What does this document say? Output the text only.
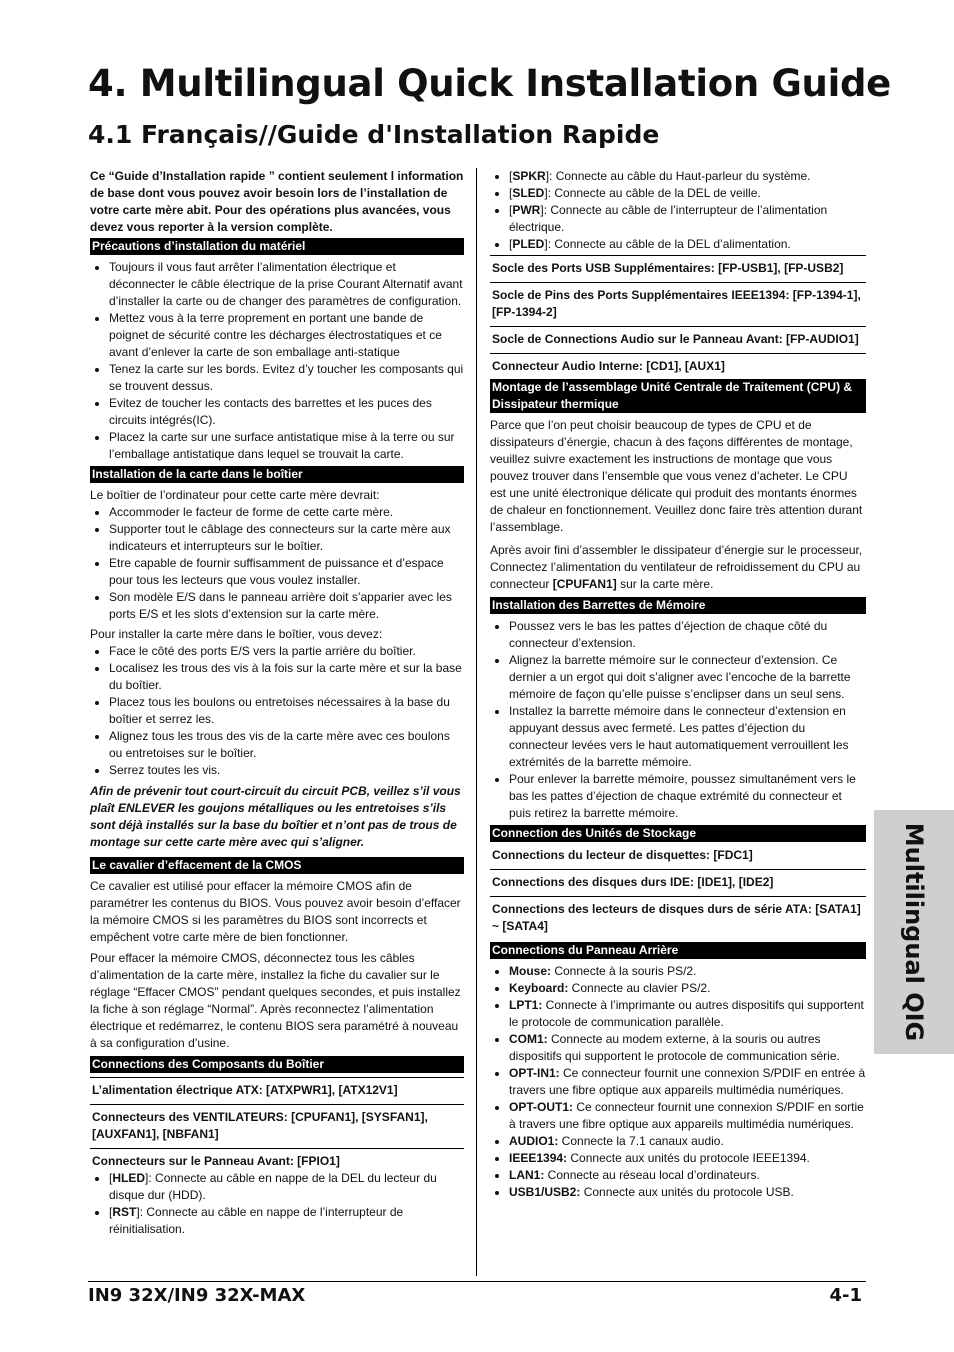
4. Multilingual Quick Installation Guide
4.1 Français//Guide d'Installation Rapide

Ce “Guide d’Installation rapide ” contient seulement l information de base dont vous pouvez avoir besoin lors de l’installation de votre carte mère abit. Pour des opérations plus avancées, vous devez vous reporter à la version complète.

Précautions d’installation du matériel
• Toujours il vous faut arrêter l’alimentation électrique et déconnecter le câble électrique de la prise Courant Alternatif avant d’installer la carte ou de changer des paramètres de configuration.
• Mettez vous à la terre proprement en portant une bande de poignet de sécurité contre les décharges électrostatiques et ce avant d’enlever la carte de son emballage anti-statique
• Tenez la carte sur les bords. Evitez d’y toucher les composants qui se trouvent dessus.
• Evitez de toucher les contacts des barrettes et les puces des circuits intégrés(IC).
• Placez la carte sur une surface antistatique mise à la terre ou sur l’emballage antistatique dans lequel se trouvait la carte.
Installation de la carte dans le boîtier

Le boîtier de l’ordinateur pour cette carte mère devrait:

• Accommoder le facteur de forme de cette carte mère.
• Supporter tout le câblage des connecteurs sur la carte mère aux indicateurs et interrupteurs sur le boîtier.
• Etre capable de fournir suffisamment de puissance et d’espace pour tous les lecteurs que vous voulez installer.
• Son modèle E/S dans le panneau arrière doit s’apparier avec les ports E/S et les slots d’extension sur la carte mère.

Pour installer la carte mère dans le boîtier, vous devez:

• Face le côté des ports E/S vers la partie arrière du boîtier.
• Localisez les trous des vis à la fois sur la carte mère et sur la base du boîtier.
• Placez tous les boulons ou entretoises nécessaires à la base du boîtier et serrez les.
• Alignez tous les trous des vis de la carte mère avec ces boulons ou entretoises sur le boîtier.
• Serrez toutes les vis.

Afin de prévenir tout court-circuit du circuit PCB, veillez s’il vous plaît ENLEVER les goujons métalliques ou les entretoises s’ils sont déjà installés sur la base du boîtier et n’ont pas de trous de montage sur cette carte mère avec qui s’aligner.

Le cavalier d’effacement de la CMOS

Ce cavalier est utilisé pour effacer la mémoire CMOS afin de paramétrer les contenus du BIOS. Vous pouvez avoir besoin d’effacer la mémoire CMOS si les paramètres du BIOS sont incorrects et empêchent votre carte mère de bien fonctionner.

Pour effacer la mémoire CMOS, déconnectez tous les câbles d’alimentation de la carte mère, installez la fiche du cavalier sur le réglage “Effacer CMOS” pendant quelques secondes, et puis installez la fiche à son réglage “Normal”. Après reconnectez l’alimentation électrique et redémarrez, le contenu BIOS sera paramétré à nouveau à sa configuration d’usine.

Connections des Composants du Boîtier

L’alimentation électrique ATX: [ATXPWR1], [ATX12V1]

Connecteurs des VENTILATEURS: [CPUFAN1], [SYSFAN1], [AUXFAN1], [NBFAN1]

Connecteurs sur le Panneau Avant: [FPIO1]

• [HLED]: Connecte au câble en nappe de la DEL du lecteur du disque dur (HDD).
• [RST]: Connecte au câble en nappe de l’interrupteur de réinitialisation.
• [SPKR]: Connecte au câble du Haut-parleur du système.
• [SLED]: Connecte au câble de la DEL de veille.
• [PWR]: Connecte au câble de l’interrupteur de l’alimentation électrique.
• [PLED]: Connecte au câble de la DEL d’alimentation.

Socle des Ports USB Supplémentaires: [FP-USB1], [FP-USB2]

Socle de Pins des Ports Supplémentaires IEEE1394: [FP-1394-1], [FP-1394-2]

Socle de Connections Audio sur le Panneau Avant: [FP-AUDIO1]

Connecteur Audio Interne: [CD1], [AUX1]

Montage de l’assemblage Unité Centrale de Traitement (CPU) & Dissipateur thermique

Parce que l’on peut choisir beaucoup de types de CPU et de dissipateurs d’énergie, chacun à des façons différentes de montage, veuillez suivre exactement les instructions de montage que vous pouvez trouver dans l’ensemble que vous venez d’acheter. Le CPU est une unité électronique délicate qui produit des montants énormes de chaleur en fonctionnement. Veuillez donc faire très attention durant l’assemblage.

Après avoir fini d’assembler le dissipateur d’énergie sur le processeur, Connectez l’alimentation du ventilateur de refroidissement du CPU au connecteur [CPUFAN1] sur la carte mère.

Installation des Barrettes de Mémoire
• Poussez vers le bas les pattes d’éjection de chaque côté du connecteur d’extension.
• Alignez la barrette mémoire sur le connecteur d’extension. Ce dernier a un ergot qui doit s’aligner avec l’encoche de la barrette mémoire de façon qu’elle puisse s’enclipser dans un seul sens.
• Installez la barrette mémoire dans le connecteur d’extension en appuyant dessus avec fermeté. Les pattes d’éjection du connecteur levées vers le haut automatiquement verrouillent les extrémités de la barrette mémoire.
• Pour enlever la barrette mémoire, poussez simultanément vers le bas les pattes d’éjection de chaque extrémité du connecteur et puis retirez la barrette mémoire.
Connection des Unités de Stockage

Connections du lecteur de disquettes: [FDC1]

Connections des disques durs IDE: [IDE1], [IDE2]

Connections des lecteurs de disques durs de série ATA: [SATA1] ~ [SATA4]

Connections du Panneau Arrière
• Mouse: Connecte à la souris PS/2.
• Keyboard: Connecte au clavier PS/2.
• LPT1: Connecte à l’imprimante ou autres dispositifs qui supportent le protocole de communication parallèle.
• COM1: Connecte au modem externe, à la souris ou autres dispositifs qui supportent le protocole de communication série.
• OPT-IN1: Ce connecteur fournit une connexion S/PDIF en entrée à travers une fibre optique aux appareils multimédia numériques.
• OPT-OUT1: Ce connecteur fournit une connexion S/PDIF en sortie à travers une fibre optique aux appareils multimédia numériques.
• AUDIO1: Connecte la 7.1 canaux audio.
• IEEE1394: Connecte aux unités du protocole IEEE1394.
• LAN1: Connecte au réseau local d’ordinateurs.
• USB1/USB2: Connecte aux unités du protocole USB.
Multilingual QIG
IN9 32X/IN9 32X-MAX	4-1
